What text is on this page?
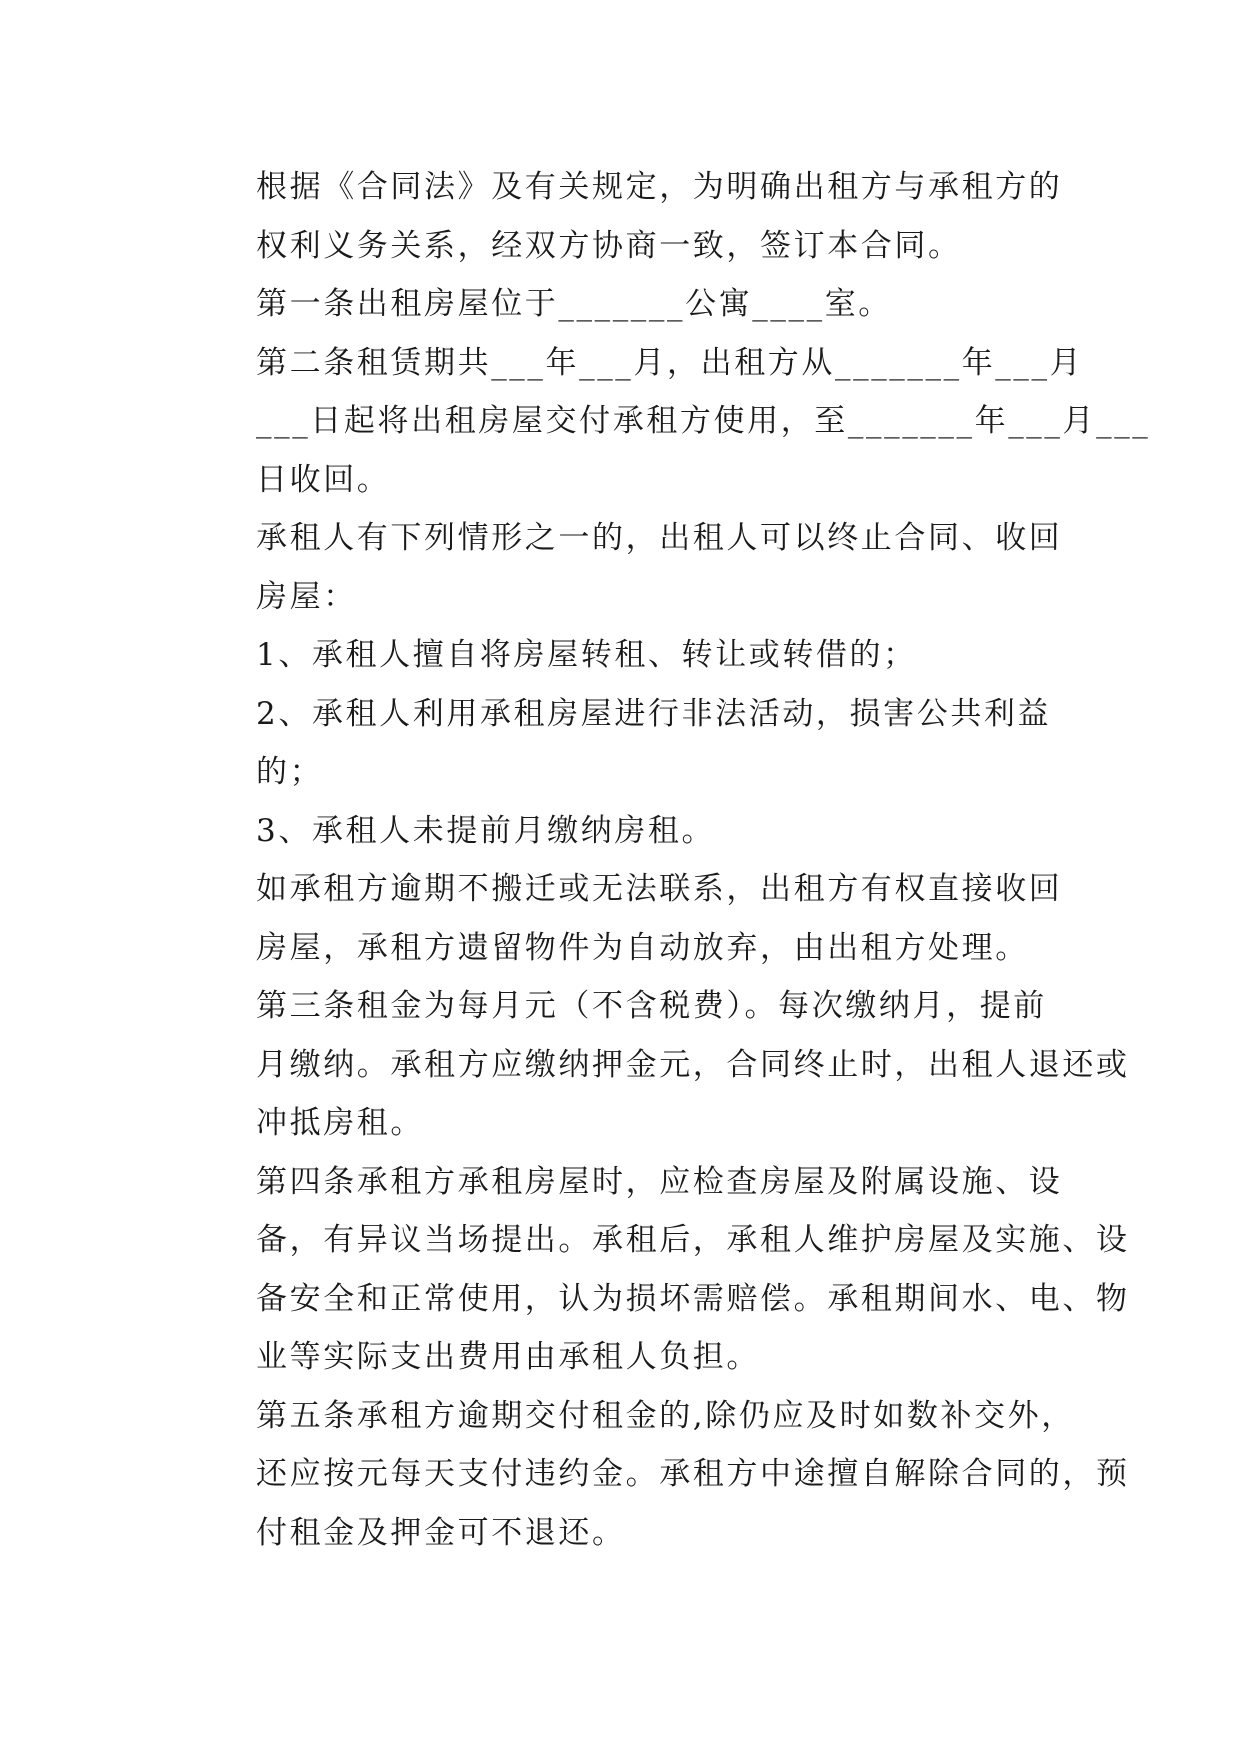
根据《合同法》及有关规定，为明确出租方与承租方的
权利义务关系，经双方协商一致，签订本合同。

第一条出租房屋位于_______公寓____室。

第二条租赁期共___年___月，出租方从_______年___月
___日起将出租房屋交付承租方使用，至_______年___月___
日收回。

承租人有下列情形之一的，出租人可以终止合同、收回
房屋：

1、承租人擅自将房屋转租、转让或转借的；

2、承租人利用承租房屋进行非法活动，损害公共利益
的；

3、承租人未提前月缴纳房租。

如承租方逾期不搬迁或无法联系，出租方有权直接收回
房屋，承租方遗留物件为自动放弃，由出租方处理。

第三条租金为每月元（不含税费）。每次缴纳月，提前
月缴纳。承租方应缴纳押金元，合同终止时，出租人退还或
冲抵房租。

第四条承租方承租房屋时，应检查房屋及附属设施、设
备，有异议当场提出。承租后，承租人维护房屋及实施、设
备安全和正常使用，认为损坏需赔偿。承租期间水、电、物
业等实际支出费用由承租人负担。

第五条承租方逾期交付租金的,除仍应及时如数补交外，
还应按元每天支付违约金。承租方中途擅自解除合同的，预
付租金及押金可不退还。
